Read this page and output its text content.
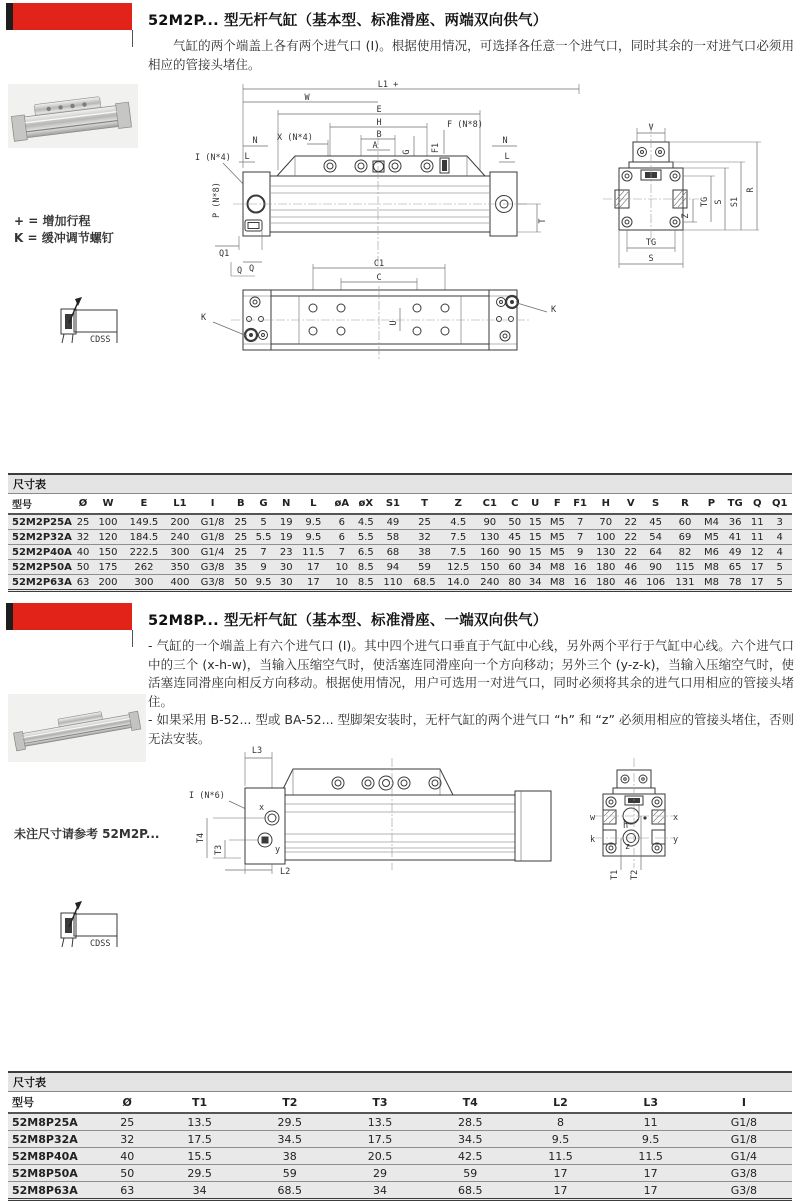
52M2P... 型无杆气缸（基本型、标准滑座、两端双向供气）

气缸的两个端盖上各有两个进气口 (I)。根据使用情况，可选择各任意一个进气口，同时其余的一对进气口必须用相应的管接头堵住。

+ = 增加行程
K = 缓冲调节螺钉
CDSS
L1 +
W
E
H
B
A
X (N*4)
F (N*8)
F1
G
N	N
L	L
I (N*4)
P (N*8)
Q1
Q
T
V
Z
TG S S1
R
TG
S
Q
C1
C
U
K
K
尺寸表
型号	Ø	W	E	L1	I	B	G	N	L	øA	øX	S1	T	Z	C1	C	U	F	F1	H	V	S	R	P	TG	Q	Q1
52M2P25A	25	100	149.5	200	G1/8	25	5	19	9.5	6	4.5	49	25	4.5	90	50	15	M5	7	70	22	45	60	M4	36	11	3
52M2P32A	32	120	184.5	240	G1/8	25	5.5	19	9.5	6	5.5	58	32	7.5	130	45	15	M5	7	100	22	54	69	M5	41	11	4
52M2P40A	40	150	222.5	300	G1/4	25	7	23	11.5	7	6.5	68	38	7.5	160	90	15	M5	9	130	22	64	82	M6	49	12	4
52M2P50A	50	175	262	350	G3/8	35	9	30	17	10	8.5	94	59	12.5	150	60	34	M8	16	180	46	90	115	M8	65	17	5
52M2P63A	63	200	300	400	G3/8	50	9.5	30	17	10	8.5	110	68.5	14.0	240	80	34	M8	16	180	46	106	131	M8	78	17	5
52M8P... 型无杆气缸（基本型、标准滑座、一端双向供气）

- 气缸的一个端盖上有六个进气口 (I)。其中四个进气口垂直于气缸中心线，另外两个平行于气缸中心线。六个进气口中的三个 (x-h-w)，当输入压缩空气时，使活塞连同滑座向一个方向移动；另外三个 (y-z-k)，当输入压缩空气时，使活塞连同滑座向相反方向移动。根据使用情况，用户可选用一对进气口，同时必须将其余的进气口用相应的管接头堵住。

- 如果采用 B-52... 型或 BA-52... 型脚架安装时，无杆气缸的两个进气口 “h” 和 “z” 必须用相应的管接头堵住，否则无法安装。

未注尺寸请参考 52M2P...
CDSS
L3
I (N*6)
x
y
T4
T3
L2
h
z
w
k
x
y
T1 T2
尺寸表
型号	Ø	T1	T2	T3	T4	L2	L3	I
52M8P25A	25	13.5	29.5	13.5	28.5	8	11	G1/8
52M8P32A	32	17.5	34.5	17.5	34.5	9.5	9.5	G1/8
52M8P40A	40	15.5	38	20.5	42.5	11.5	11.5	G1/4
52M8P50A	50	29.5	59	29	59	17	17	G3/8
52M8P63A	63	34	68.5	34	68.5	17	17	G3/8
